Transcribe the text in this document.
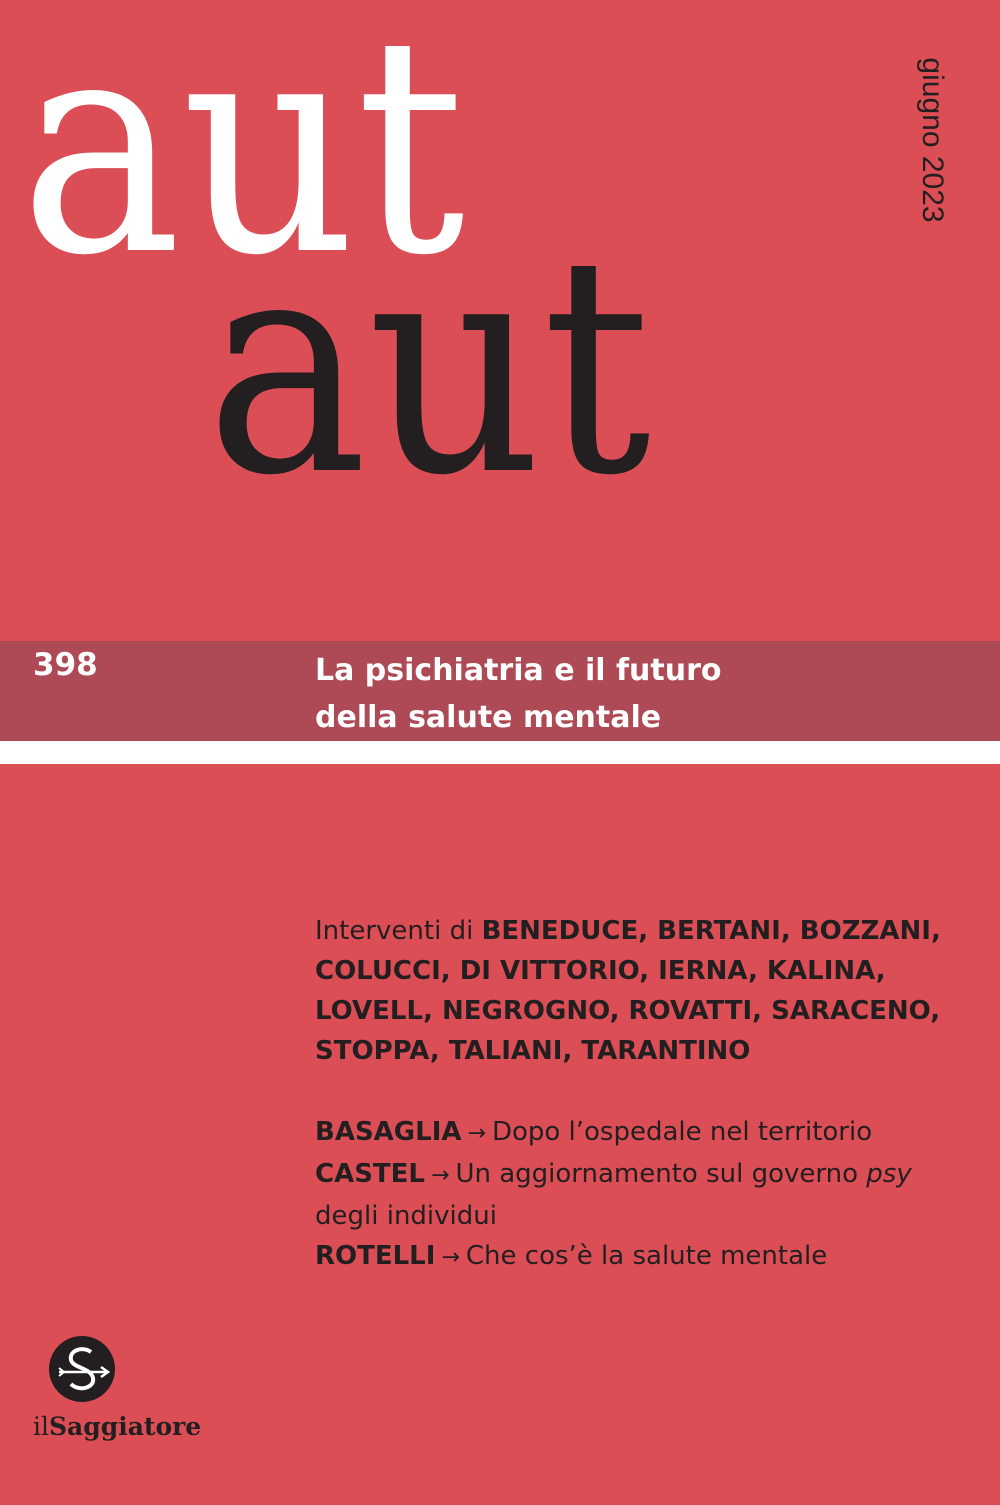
aut
aut
giugno 2023
398	La psichiatria e il futuro
della salute mentale
Interventi di BENEDUCE, BERTANI, BOZZANI, COLUCCI, DI VITTORIO, IERNA, KALINA, LOVELL, NEGROGNO, ROVATTI, SARACENO, STOPPA, TALIANI, TARANTINO
BASAGLIA → Dopo l’ospedale nel territorio
CASTEL → Un aggiornamento sul governo psy degli individui
ROTELLI → Che cos’è la salute mentale
ilSaggiatore
